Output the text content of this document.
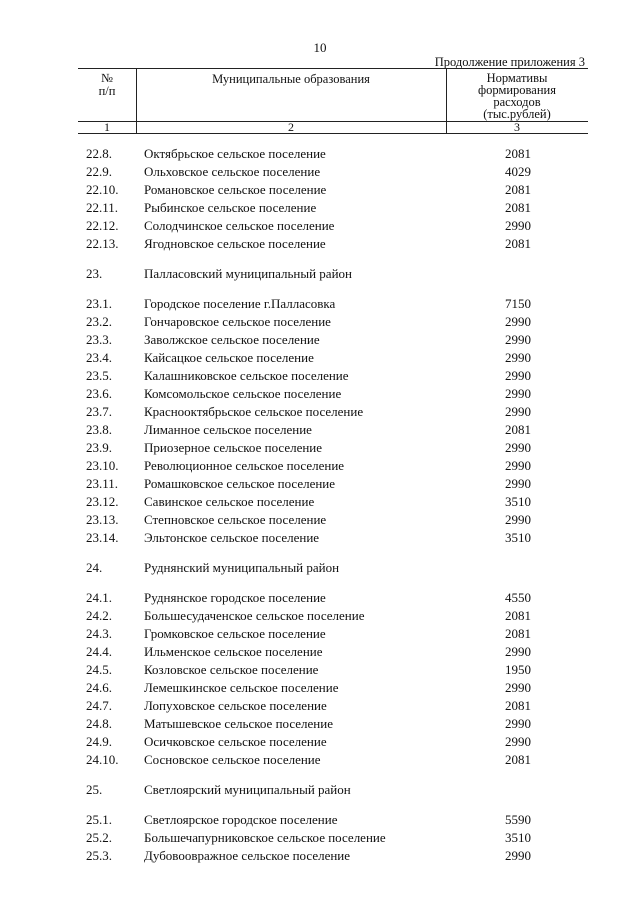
10
Продолжение приложения 3
№
п/п
Муниципальные образования	Нормативы
формирования
расходов
(тыс.рублей)
1	2	3
22.8.	Октябрьское сельское поселение	2081
22.9.	Ольховское сельское поселение	4029
22.10.	Романовское сельское поселение	2081
22.11.	Рыбинское сельское поселение	2081
22.12.	Солодчинское сельское поселение	2990
22.13.	Ягодновское сельское поселение	2081
23.	Палласовский муниципальный район
23.1.	Городское поселение г.Палласовка	7150
23.2.	Гончаровское сельское поселение	2990
23.3.	Заволжское сельское поселение	2990
23.4.	Кайсацкое сельское поселение	2990
23.5.	Калашниковское сельское поселение	2990
23.6.	Комсомольское сельское поселение	2990
23.7.	Краснооктябрьское сельское поселение	2990
23.8.	Лиманное сельское поселение	2081
23.9.	Приозерное сельское поселение	2990
23.10.	Революционное сельское поселение	2990
23.11.	Ромашковское сельское поселение	2990
23.12.	Савинское сельское поселение	3510
23.13.	Степновское сельское поселение	2990
23.14.	Эльтонское сельское поселение	3510
24.	Руднянский муниципальный район
24.1.	Руднянское городское поселение	4550
24.2.	Большесудаченское сельское поселение	2081
24.3.	Громковское сельское поселение	2081
24.4.	Ильменское сельское поселение	2990
24.5.	Козловское сельское поселение	1950
24.6.	Лемешкинское сельское поселение	2990
24.7.	Лопуховское сельское поселение	2081
24.8.	Матышевское сельское поселение	2990
24.9.	Осичковское сельское поселение	2990
24.10.	Сосновское сельское поселение	2081
25.	Светлоярский муниципальный район
25.1.	Светлоярское городское поселение	5590
25.2.	Большечапурниковское сельское поселение	3510
25.3.	Дубовоовражное сельское поселение	2990
